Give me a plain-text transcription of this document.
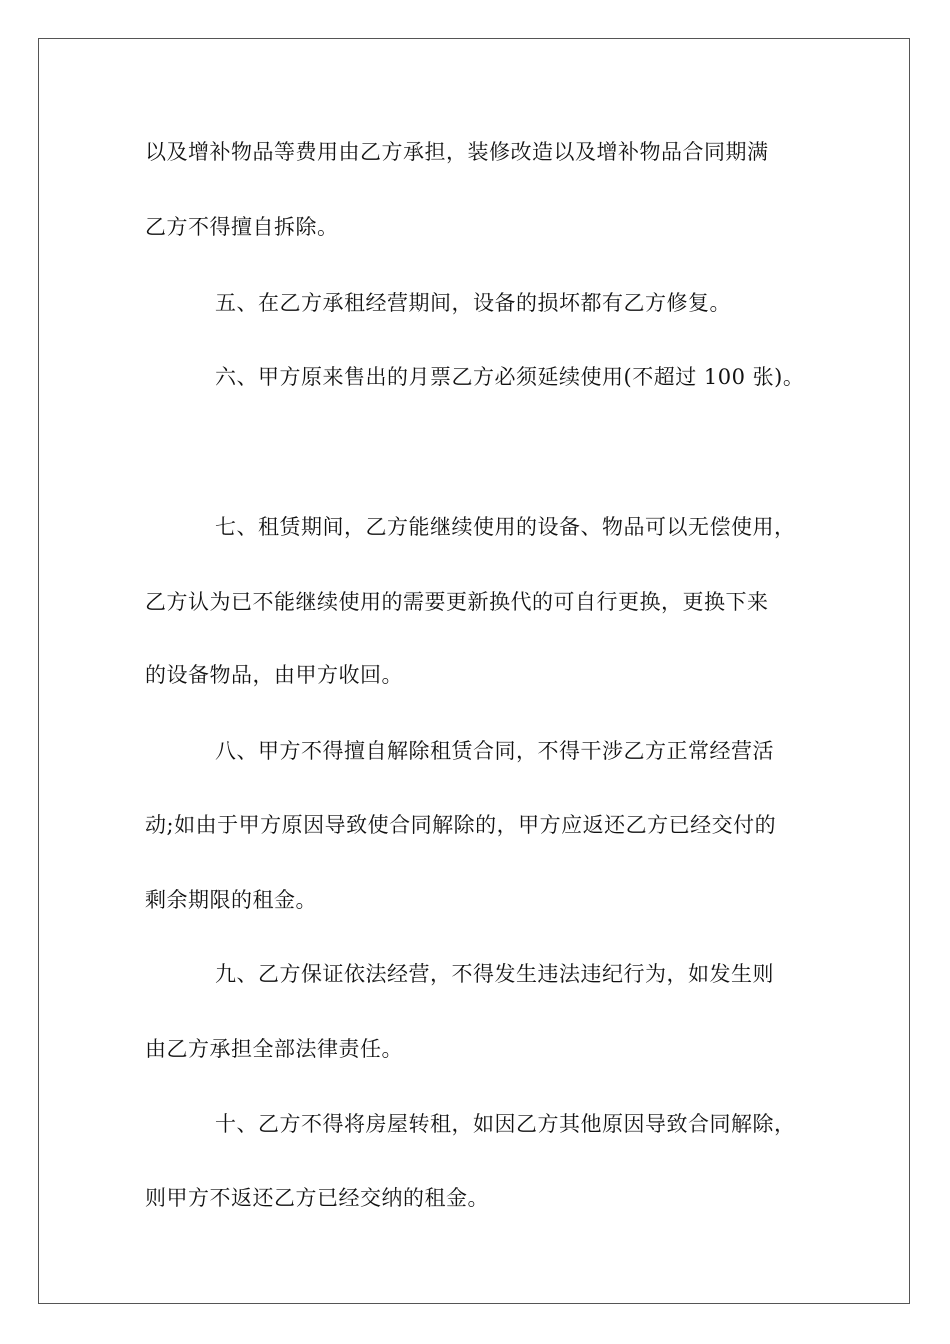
以及增补物品等费用由乙方承担，装修改造以及增补物品合同期满
乙方不得擅自拆除。
五、在乙方承租经营期间，设备的损坏都有乙方修复。
六、甲方原来售出的月票乙方必须延续使用(不超过 100 张)。
七、租赁期间，乙方能继续使用的设备、物品可以无偿使用，
乙方认为已不能继续使用的需要更新换代的可自行更换，更换下来
的设备物品，由甲方收回。
八、甲方不得擅自解除租赁合同，不得干涉乙方正常经营活
动;如由于甲方原因导致使合同解除的，甲方应返还乙方已经交付的
剩余期限的租金。
九、乙方保证依法经营，不得发生违法违纪行为，如发生则
由乙方承担全部法律责任。
十、乙方不得将房屋转租，如因乙方其他原因导致合同解除，
则甲方不返还乙方已经交纳的租金。
